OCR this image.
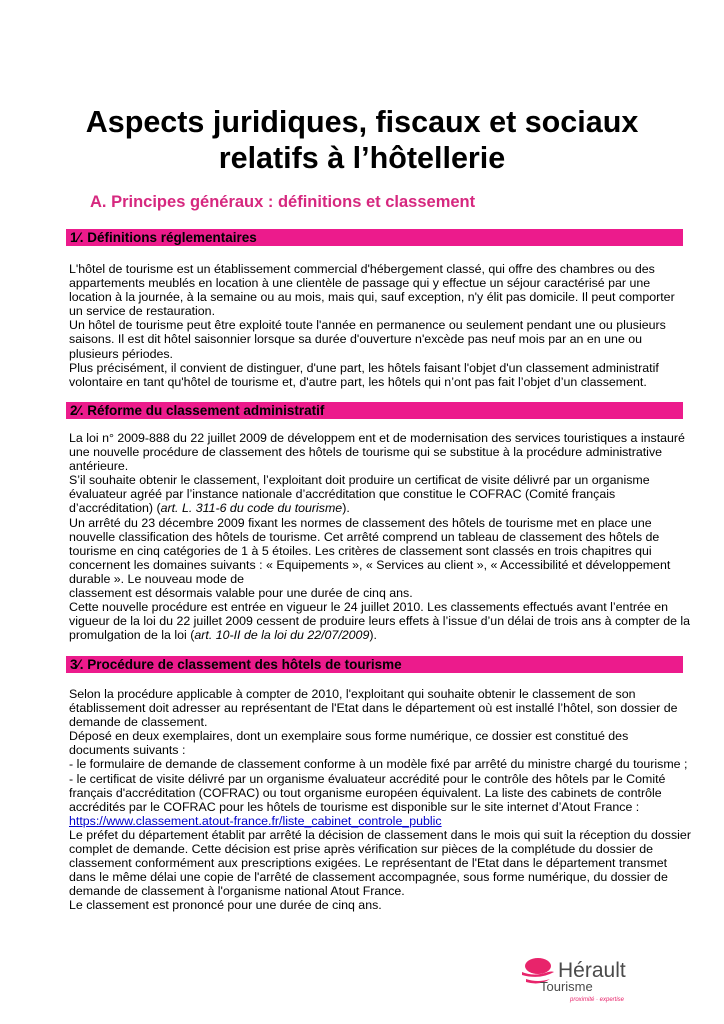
Aspects juridiques, fiscaux et sociaux
relatifs à l’hôtellerie
A. Principes généraux : définitions et classement
1⁄. Définitions réglementaires

L'hôtel de tourisme est un établissement commercial d'hébergement classé, qui offre des chambres ou des appartements meublés en location à une clientèle de passage qui y effectue un séjour caractérisé par une location à la journée, à la semaine ou au mois, mais qui, sauf exception, n'y élit pas domicile. Il peut comporter un service de restauration.

Un hôtel de tourisme peut être exploité toute l'année en permanence ou seulement pendant une ou plusieurs saisons. Il est dit hôtel saisonnier lorsque sa durée d'ouverture n'excède pas neuf mois par an en une ou plusieurs périodes.

Plus précisément, il convient de distinguer, d'une part, les hôtels faisant l'objet d'un classement administratif volontaire en tant qu'hôtel de tourisme et, d'autre part, les hôtels qui n’ont pas fait l’objet d’un classement.

2⁄. Réforme du classement administratif

La loi n° 2009-888 du 22 juillet 2009 de développem ent et de modernisation des services touristiques a instauré une nouvelle procédure de classement des hôtels de tourisme qui se substitue à la procédure administrative antérieure.

S’il souhaite obtenir le classement, l’exploitant doit produire un certificat de visite délivré par un organisme évaluateur agréé par l’instance nationale d’accréditation que constitue le COFRAC (Comité français d’accréditation) (art. L. 311-6 du code du tourisme).

Un arrêté du 23 décembre 2009 fixant les normes de classement des hôtels de tourisme met en place une nouvelle classification des hôtels de tourisme. Cet arrêté comprend un tableau de classement des hôtels de tourisme en cinq catégories de 1 à 5 étoiles. Les critères de classement sont classés en trois chapitres qui concernent les domaines suivants : « Equipements », « Services au client », « Accessibilité et développement durable ». Le nouveau mode de

classement est désormais valable pour une durée de cinq ans.

Cette nouvelle procédure est entrée en vigueur le 24 juillet 2010. Les classements effectués avant l’entrée en vigueur de la loi du 22 juillet 2009 cessent de produire leurs effets à l’issue d’un délai de trois ans à compter de la promulgation de la loi (art. 10-II de la loi du 22/07/2009).

3⁄. Procédure de classement des hôtels de tourisme

Selon la procédure applicable à compter de 2010, l'exploitant qui souhaite obtenir le classement de son établissement doit adresser au représentant de l'Etat dans le département où est installé l’hôtel, son dossier de demande de classement.

Déposé en deux exemplaires, dont un exemplaire sous forme numérique, ce dossier est constitué des documents suivants :

- le formulaire de demande de classement conforme à un modèle fixé par arrêté du ministre chargé du tourisme ;

- le certificat de visite délivré par un organisme évaluateur accrédité pour le contrôle des hôtels par le Comité français d'accréditation (COFRAC) ou tout organisme européen équivalent. La liste des cabinets de contrôle accrédités par le COFRAC pour les hôtels de tourisme est disponible sur le site internet d’Atout France :

https://www.classement.atout-france.fr/liste_cabinet_controle_public

Le préfet du département établit par arrêté la décision de classement dans le mois qui suit la réception du dossier complet de demande. Cette décision est prise après vérification sur pièces de la complétude du dossier de classement conformément aux prescriptions exigées. Le représentant de l'Etat dans le département transmet dans le même délai une copie de l'arrêté de classement accompagnée, sous forme numérique, du dossier de demande de classement à l'organisme national Atout France.

Le classement est prononcé pour une durée de cinq ans.

Hérault
Tourisme
proximité · expertise
